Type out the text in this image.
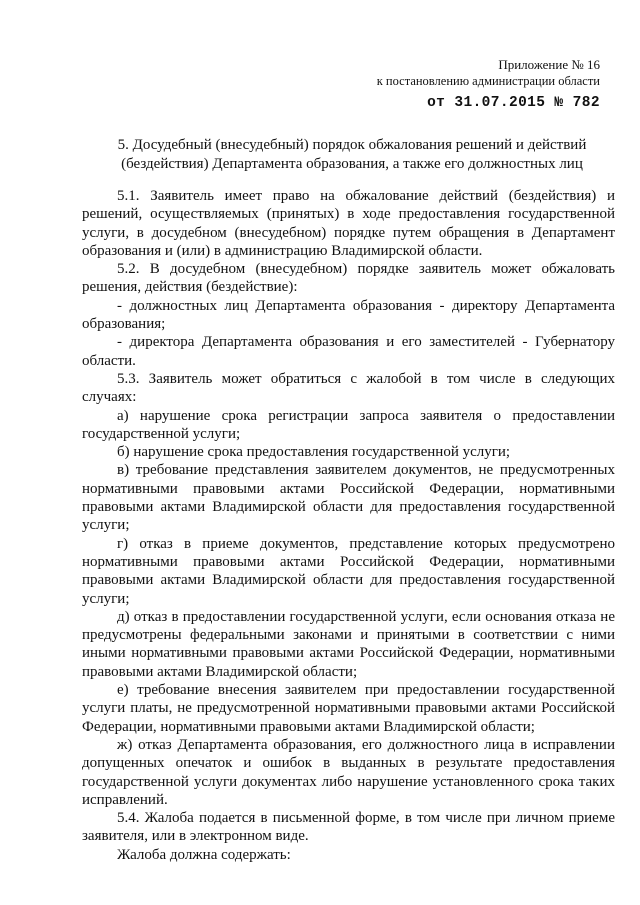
Приложение № 16
к постановлению администрации области
от 31.07.2015 № 782
5. Досудебный (внесудебный) порядок обжалования решений и действий (бездействия) Департамента образования, а также его должностных лиц

5.1. Заявитель имеет право на обжалование действий (бездействия) и решений, осуществляемых (принятых) в ходе предоставления государственной услуги, в досудебном (внесудебном) порядке путем обращения в Департамент образования и (или) в администрацию Владимирской области.

5.2. В досудебном (внесудебном) порядке заявитель может обжаловать решения, действия (бездействие):

- должностных лиц Департамента образования - директору Департамента образования;

- директора Департамента образования и его заместителей - Губернатору области.

5.3. Заявитель может обратиться с жалобой в том числе в следующих случаях:

а) нарушение срока регистрации запроса заявителя о предоставлении государственной услуги;

б) нарушение срока предоставления государственной услуги;

в) требование представления заявителем документов, не предусмотренных нормативными правовыми актами Российской Федерации, нормативными правовыми актами Владимирской области для предоставления государственной услуги;

г) отказ в приеме документов, представление которых предусмотрено нормативными правовыми актами Российской Федерации, нормативными правовыми актами Владимирской области для предоставления государственной услуги;

д) отказ в предоставлении государственной услуги, если основания отказа не предусмотрены федеральными законами и принятыми в соответствии с ними иными нормативными правовыми актами Российской Федерации, нормативными правовыми актами Владимирской области;

е) требование внесения заявителем при предоставлении государственной услуги платы, не предусмотренной нормативными правовыми актами Российской Федерации, нормативными правовыми актами Владимирской области;

ж) отказ Департамента образования, его должностного лица в исправлении допущенных опечаток и ошибок в выданных в результате предоставления государственной услуги документах либо нарушение установленного срока таких исправлений.

5.4. Жалоба подается в письменной форме, в том числе при личном приеме заявителя, или в электронном виде.

Жалоба должна содержать:
